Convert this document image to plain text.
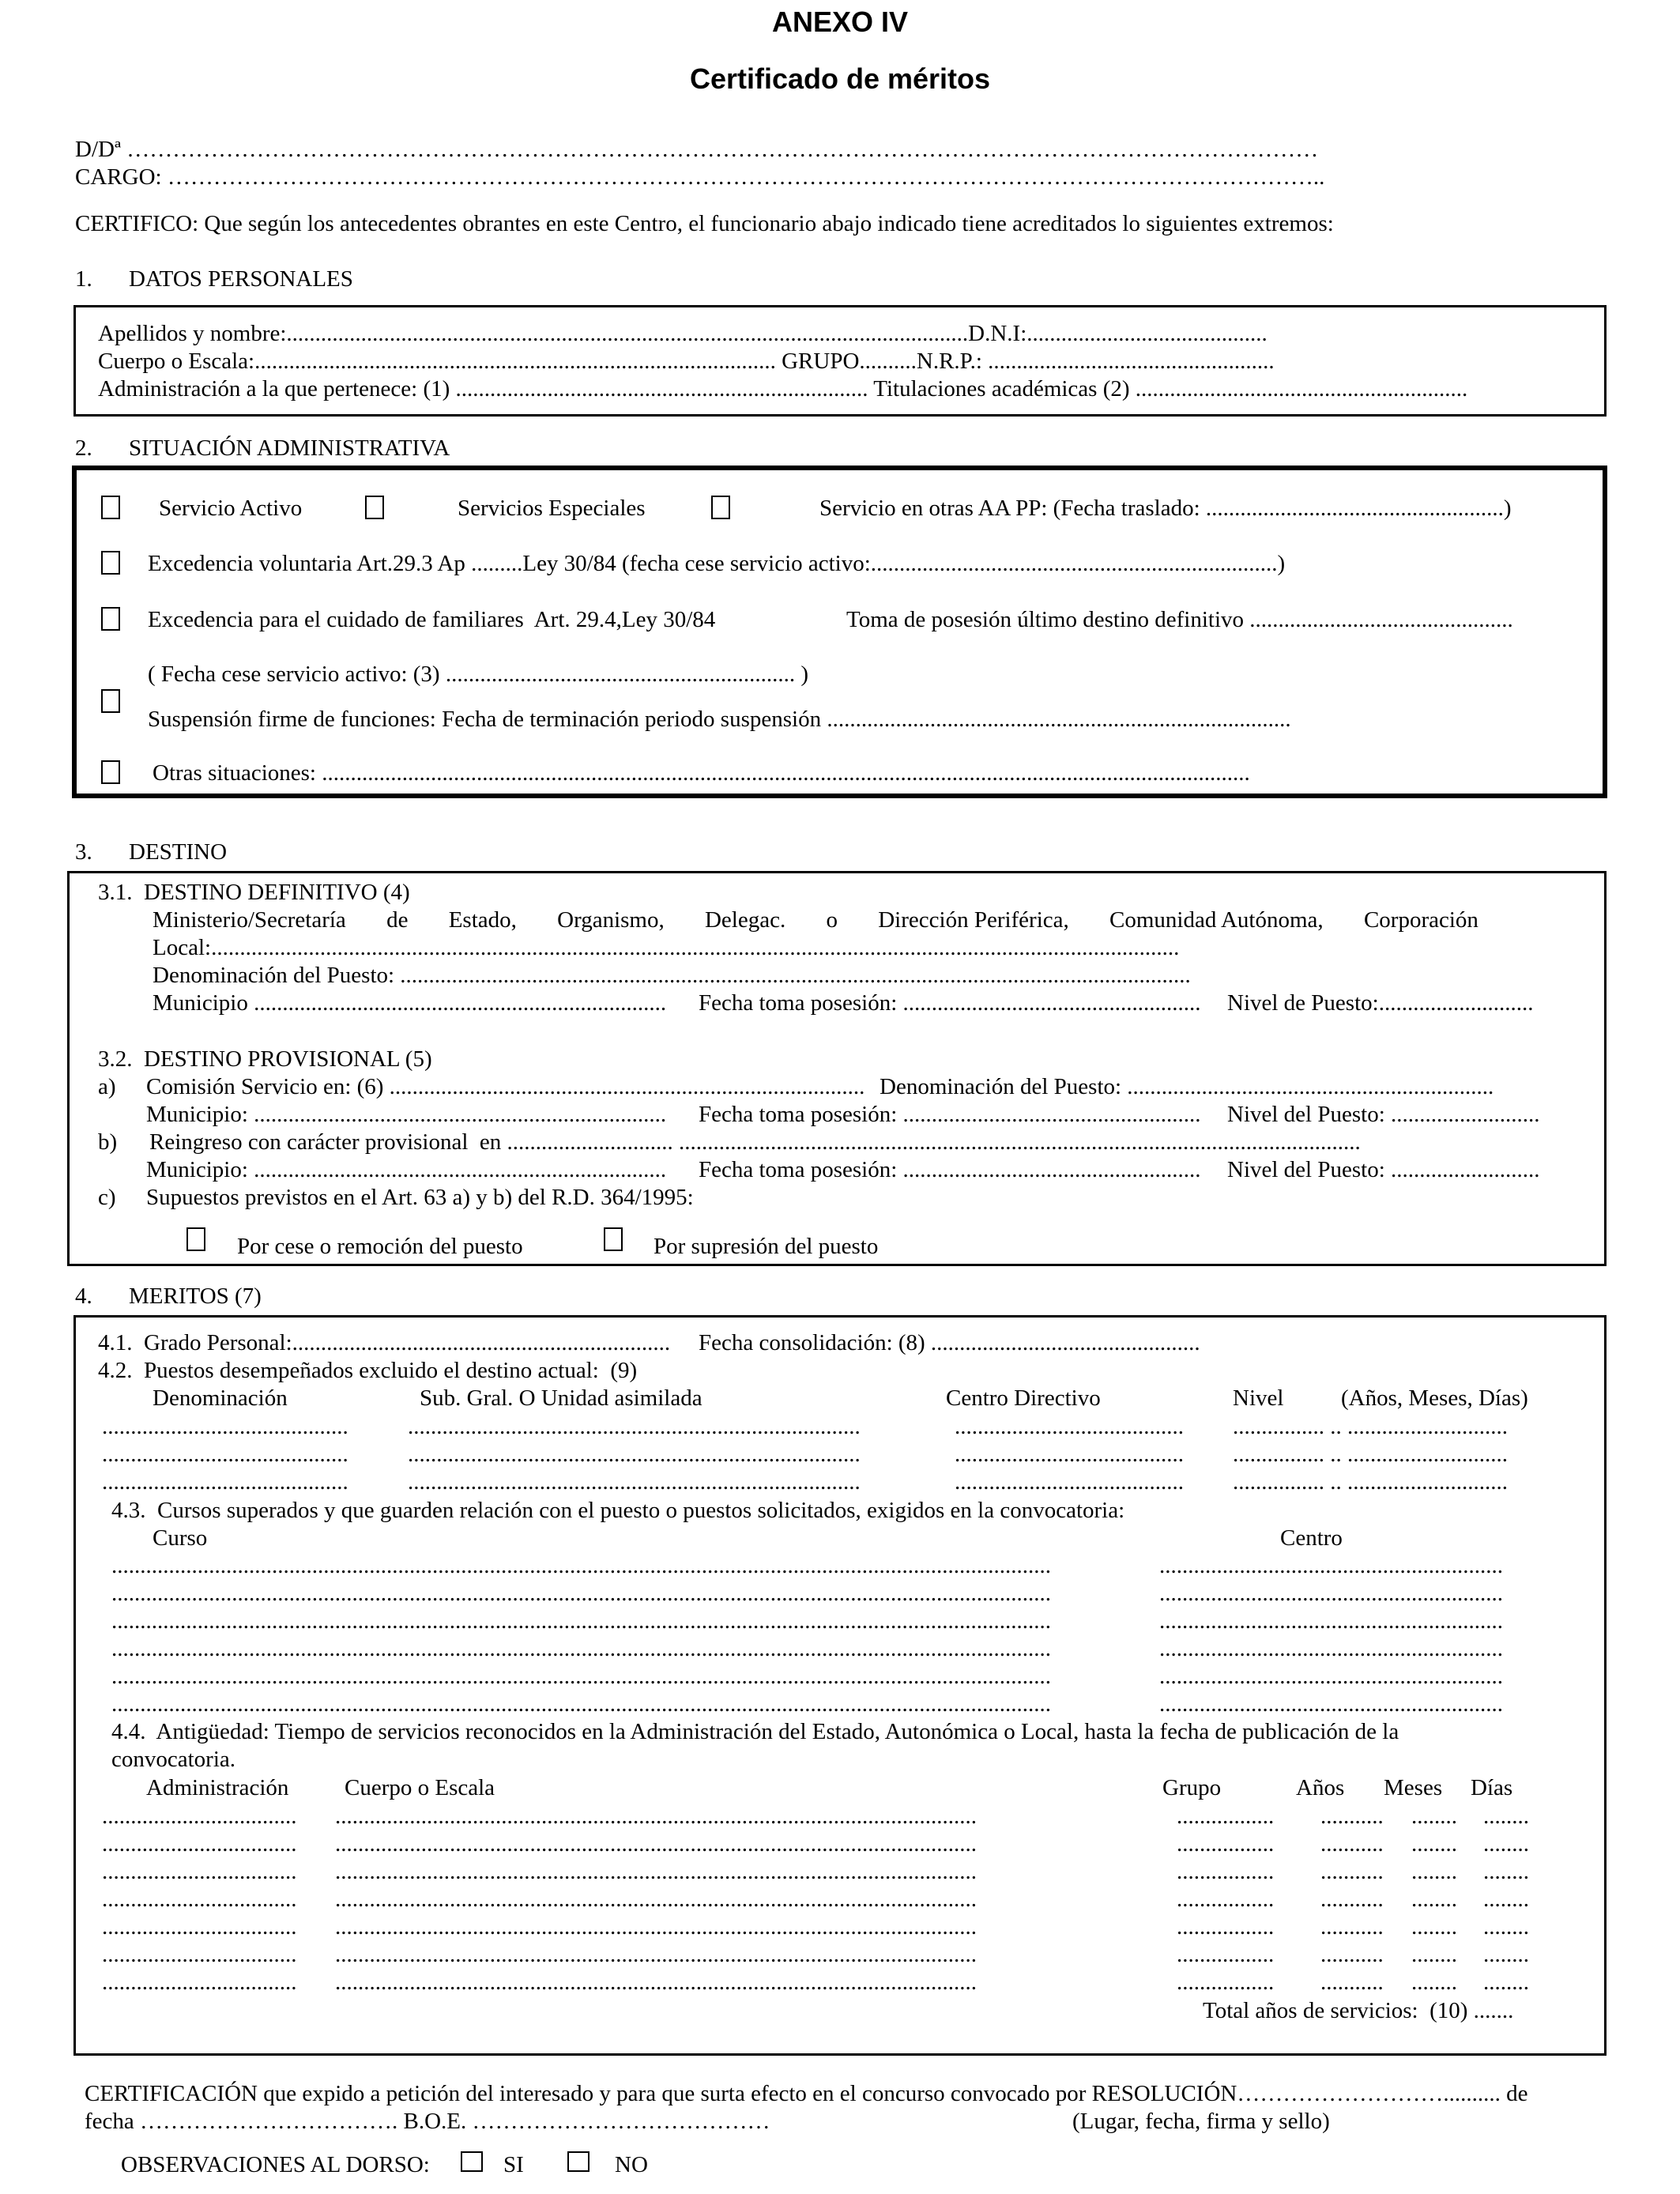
ANEXO IV
Certificado de méritos
D/Dª …………………………………………………………………………………………………………………………………………
CARGO: ……………………………………………………………………………………………………………………………………..
CERTIFICO: Que según los antecedentes obrantes en este Centro, el funcionario abajo indicado tiene acreditados lo siguientes extremos:
1. DATOS PERSONALES
Apellidos y nombre:.......................................................................................................................D.N.I:..........................................
Cuerpo o Escala:........................................................................................... GRUPO..........N.R.P.: ..................................................
Administración a la que pertenece: (1) ........................................................................ Titulaciones académicas (2) ..........................................................
2. SITUACIÓN ADMINISTRATIVA
Servicio Activo	Servicios Especiales	Servicio en otras AA PP: (Fecha traslado: ....................................................)
Excedencia voluntaria Art.29.3 Ap .........Ley 30/84 (fecha cese servicio activo:.......................................................................)
Excedencia para el cuidado de familiares  Art. 29.4,Ley 30/84	Toma de posesión último destino definitivo ..............................................
( Fecha cese servicio activo: (3) ............................................................. )
Suspensión firme de funciones: Fecha de terminación periodo suspensión .................................................................................
Otras situaciones: ..................................................................................................................................................................
3. DESTINO
3.1.  DESTINO DEFINITIVO (4)
Ministerio/Secretaría de Estado, Organismo, Delegac. o Dirección Periférica, Comunidad Autónoma, Corporación
Local:.........................................................................................................................................................................
Denominación del Puesto: ..........................................................................................................................................
Municipio ........................................................................ Fecha toma posesión: .................................................... Nivel de Puesto:...........................
3.2.  DESTINO PROVISIONAL (5)
a) Comisión Servicio en: (6) ................................................................................... Denominación del Puesto: ................................................................
Municipio: ........................................................................ Fecha toma posesión: .................................................... Nivel del Puesto: ..........................
b) Reingreso con carácter provisional  en ............................. .......................................................................................................................
Municipio: ........................................................................ Fecha toma posesión: .................................................... Nivel del Puesto: ..........................
c) Supuestos previstos en el Art. 63 a) y b) del R.D. 364/1995:
Por cese o remoción del puesto	Por supresión del puesto
4. MERITOS (7)
4.1.  Grado Personal:.................................................................. Fecha consolidación: (8) ...............................................
4.2.  Puestos desempeñados excluido el destino actual:  (9)
Denominación	Sub. Gral. O Unidad asimilada	Centro Directivo	Nivel	(Años, Meses, Días)
...........................................	...............................................................................	........................................ ................ .. ............................
...........................................	...............................................................................	........................................ ................ .. ............................
...........................................	...............................................................................	........................................ ................ .. ............................
4.3.  Cursos superados y que guarden relación con el puesto o puestos solicitados, exigidos en la convocatoria:
Curso	Centro
....................................................................................................................................................................	............................................................
....................................................................................................................................................................	............................................................
....................................................................................................................................................................	............................................................
....................................................................................................................................................................	............................................................
....................................................................................................................................................................	............................................................
....................................................................................................................................................................	............................................................
4.4.  Antigüedad: Tiempo de servicios reconocidos en la Administración del Estado, Autonómica o Local, hasta la fecha de publicación de la
convocatoria.
Administración Cuerpo o Escala	Grupo	Años Meses Días
.................................. ................................................................................................................	................. ........... ........ ........
.................................. ................................................................................................................	................. ........... ........ ........
.................................. ................................................................................................................	................. ........... ........ ........
.................................. ................................................................................................................	................. ........... ........ ........
.................................. ................................................................................................................	................. ........... ........ ........
.................................. ................................................................................................................	................. ........... ........ ........
.................................. ................................................................................................................	................. ........... ........ ........
Total años de servicios:  (10) .......
CERTIFICACIÓN que expido a petición del interesado y para que surta efecto en el concurso convocado por RESOLUCIÓN……………………….......... de
fecha ……………………………. B.O.E. …………………………………	(Lugar, fecha, firma y sello)
OBSERVACIONES AL DORSO:	SI	NO
